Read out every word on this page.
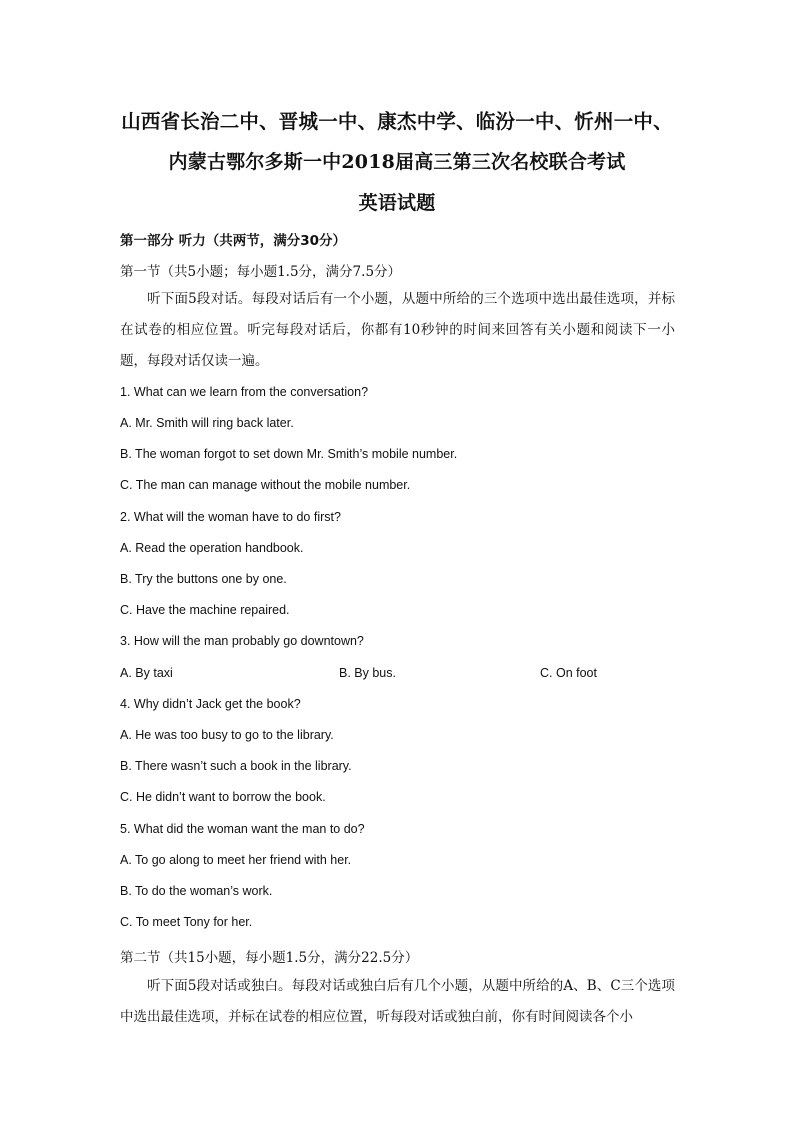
山西省长治二中、晋城一中、康杰中学、临汾一中、忻州一中、
内蒙古鄂尔多斯一中2018届高三第三次名校联合考试
英语试题
第一部分 听力（共两节，满分30分）
第一节（共5小题；每小题1.5分，满分7.5分）
听下面5段对话。每段对话后有一个小题，从题中所给的三个选项中选出最佳选项，并标在试卷的相应位置。听完每段对话后，你都有10秒钟的时间来回答有关小题和阅读下一小题，每段对话仅读一遍。
1. What can we learn from the conversation?
A. Mr. Smith will ring back later.
B. The woman forgot to set down Mr. Smith’s mobile number.
C. The man can manage without the mobile number.
2. What will the woman have to do first?
A. Read the operation handbook.
B. Try the buttons one by one.
C. Have the machine repaired.
3. How will the man probably go downtown?
A. By taxi	B. By bus.	C. On foot
4. Why didn’t Jack get the book?
A. He was too busy to go to the library.
B. There wasn’t such a book in the library.
C. He didn’t want to borrow the book.
5. What did the woman want the man to do?
A. To go along to meet her friend with her.
B. To do the woman’s work.
C. To meet Tony for her.
第二节（共15小题，每小题1.5分，满分22.5分）
听下面5段对话或独白。每段对话或独白后有几个小题，从题中所给的A、B、C三个选项中选出最佳选项，并标在试卷的相应位置，听每段对话或独白前，你有时间阅读各个小
